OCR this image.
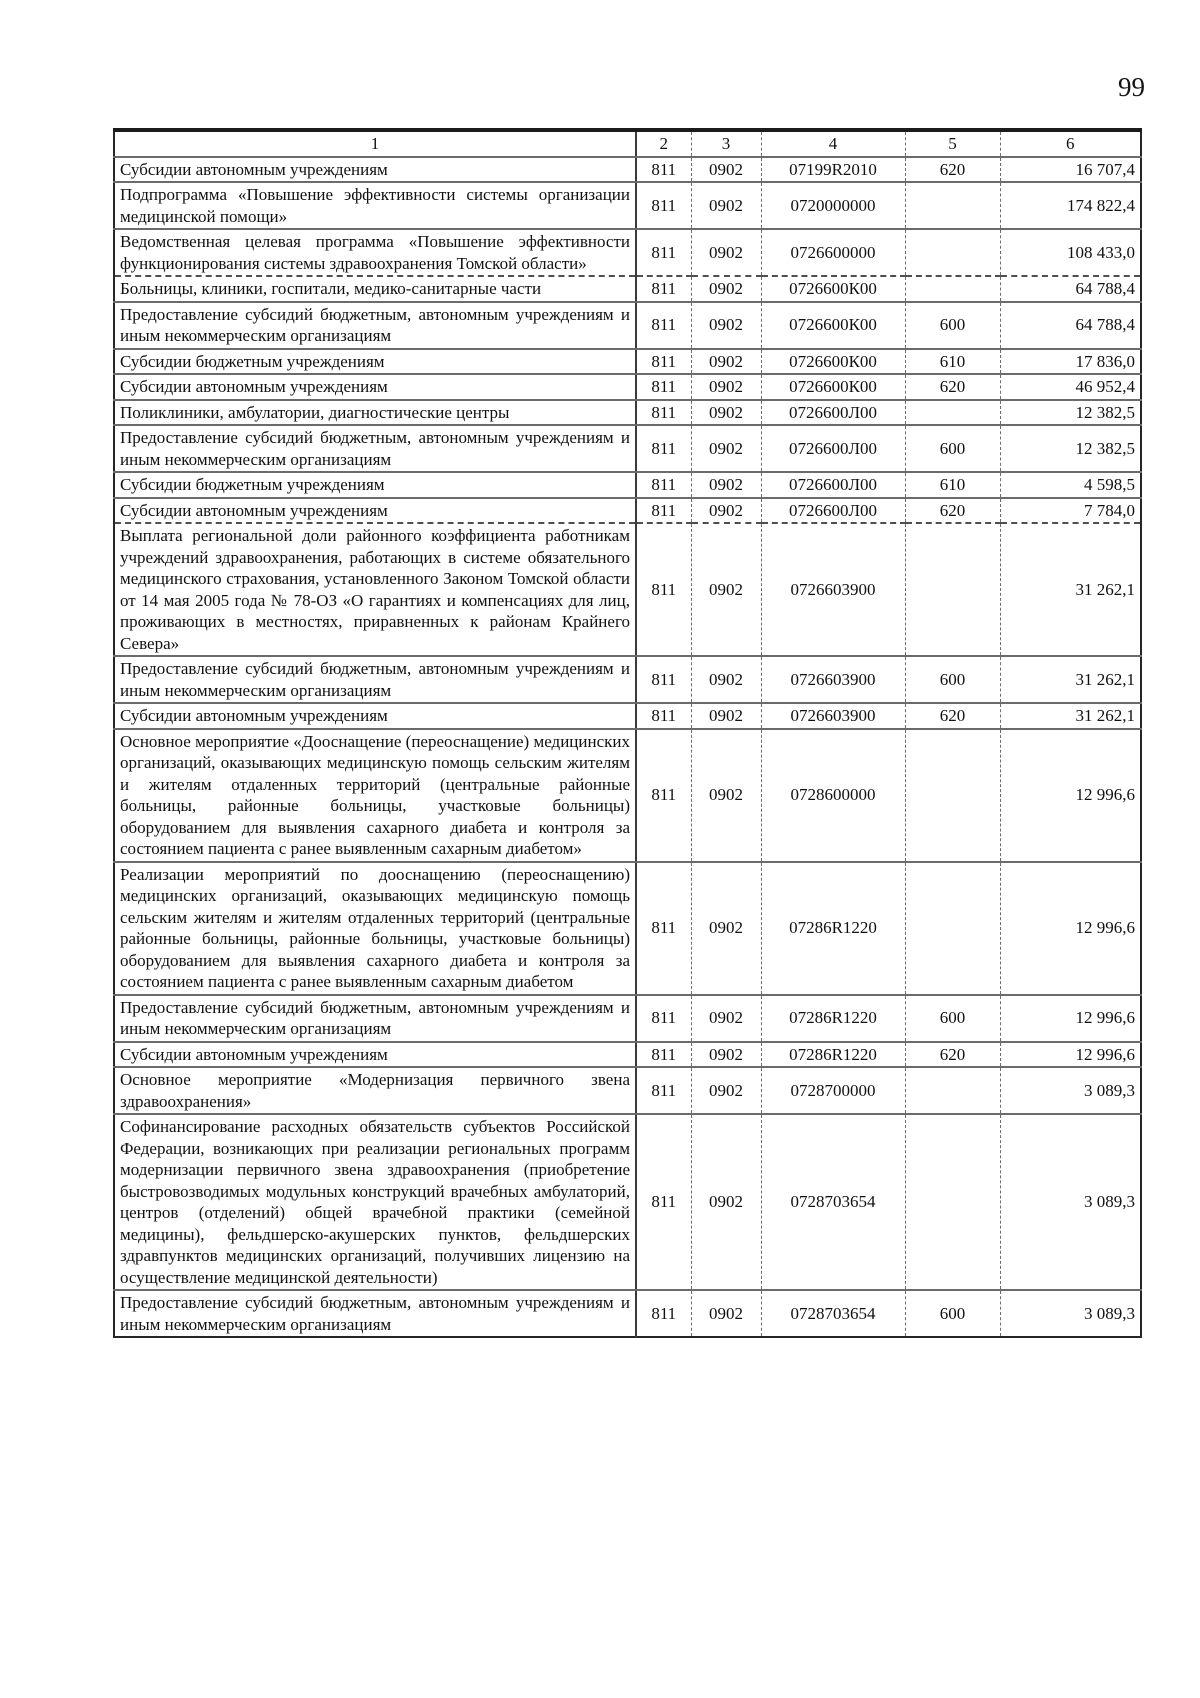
99
1	2	3	4	5	6
Субсидии автономным учреждениям	811	0902	07199R2010	620	16 707,4
Подпрограмма «Повышение эффективности системы организации медицинской помощи»	811	0902	0720000000		174 822,4
Ведомственная целевая программа «Повышение эффективности функционирования системы здравоохранения Томской области»	811	0902	0726600000		108 433,0
Больницы, клиники, госпитали, медико-санитарные части	811	0902	0726600К00		64 788,4
Предоставление субсидий бюджетным, автономным учреждениям и иным некоммерческим организациям	811	0902	0726600К00	600	64 788,4
Субсидии бюджетным учреждениям	811	0902	0726600К00	610	17 836,0
Субсидии автономным учреждениям	811	0902	0726600К00	620	46 952,4
Поликлиники, амбулатории, диагностические центры	811	0902	0726600Л00		12 382,5
Предоставление субсидий бюджетным, автономным учреждениям и иным некоммерческим организациям	811	0902	0726600Л00	600	12 382,5
Субсидии бюджетным учреждениям	811	0902	0726600Л00	610	4 598,5
Субсидии автономным учреждениям	811	0902	0726600Л00	620	7 784,0
Выплата региональной доли районного коэффициента работникам учреждений здравоохранения, работающих в системе обязательного медицинского страхования, установленного Законом Томской области от 14 мая 2005 года № 78-ОЗ «О гарантиях и компенсациях для лиц, проживающих в местностях, приравненных к районам Крайнего Севера»	811	0902	0726603900		31 262,1
Предоставление субсидий бюджетным, автономным учреждениям и иным некоммерческим организациям	811	0902	0726603900	600	31 262,1
Субсидии автономным учреждениям	811	0902	0726603900	620	31 262,1
Основное мероприятие «Дооснащение (переоснащение) медицинских организаций, оказывающих медицинскую помощь сельским жителям и жителям отдаленных территорий (центральные районные больницы, районные больницы, участковые больницы) оборудованием для выявления сахарного диабета и контроля за состоянием пациента с ранее выявленным сахарным диабетом»	811	0902	0728600000		12 996,6
Реализации мероприятий по дооснащению (переоснащению) медицинских организаций, оказывающих медицинскую помощь сельским жителям и жителям отдаленных территорий (центральные районные больницы, районные больницы, участковые больницы) оборудованием для выявления сахарного диабета и контроля за состоянием пациента с ранее выявленным сахарным диабетом	811	0902	07286R1220		12 996,6
Предоставление субсидий бюджетным, автономным учреждениям и иным некоммерческим организациям	811	0902	07286R1220	600	12 996,6
Субсидии автономным учреждениям	811	0902	07286R1220	620	12 996,6
Основное мероприятие «Модернизация первичного звена здравоохранения»	811	0902	0728700000		3 089,3
Софинансирование расходных обязательств субъектов Российской Федерации, возникающих при реализации региональных программ модернизации первичного звена здравоохранения (приобретение быстровозводимых модульных конструкций врачебных амбулаторий, центров (отделений) общей врачебной практики (семейной медицины), фельдшерско-акушерских пунктов, фельдшерских здравпунктов медицинских организаций, получивших лицензию на осуществление медицинской деятельности)	811	0902	0728703654		3 089,3
Предоставление субсидий бюджетным, автономным учреждениям и иным некоммерческим организациям	811	0902	0728703654	600	3 089,3
